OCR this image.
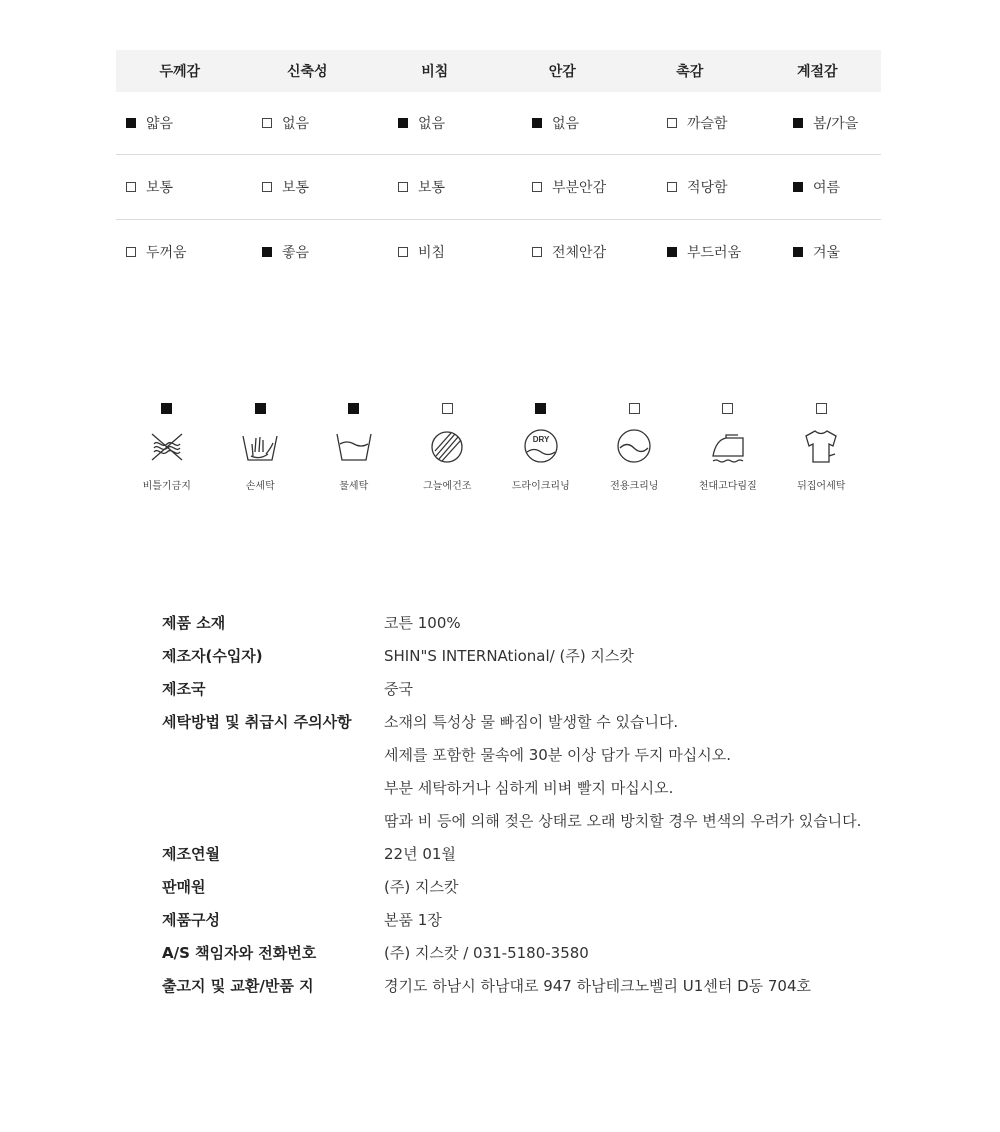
두께감	신축성	비침	안감	촉감	계절감
얇음	없음	없음	없음	까슬함	봄/가을
보통	보통	보통	부분안감	적당함	여름
두꺼움	좋음	비침	전체안감	부드러움	겨울
비틀기금지	손세탁	물세탁	그늘에건조
DRY
드라이크리닝	전용크리닝	천대고다림질	뒤집어세탁
제품 소재	코튼 100%
제조자(수입자)	SHIN"S INTERNAtional/ (주) 지스캇
제조국	중국
세탁방법 및 취급시 주의사항	소재의 특성상 물 빠짐이 발생할 수 있습니다.
세제를 포함한 물속에 30분 이상 담가 두지 마십시오.
부분 세탁하거나 심하게 비벼 빨지 마십시오.
땀과 비 등에 의해 젖은 상태로 오래 방치할 경우 변색의 우려가 있습니다.
제조연월	22년 01월
판매원	(주) 지스캇
제품구성	본품 1장
A/S 책임자와 전화번호	(주) 지스캇 / 031-5180-3580
출고지 및 교환/반품 지	경기도 하남시 하남대로 947 하남테크노벨리 U1센터 D동 704호
